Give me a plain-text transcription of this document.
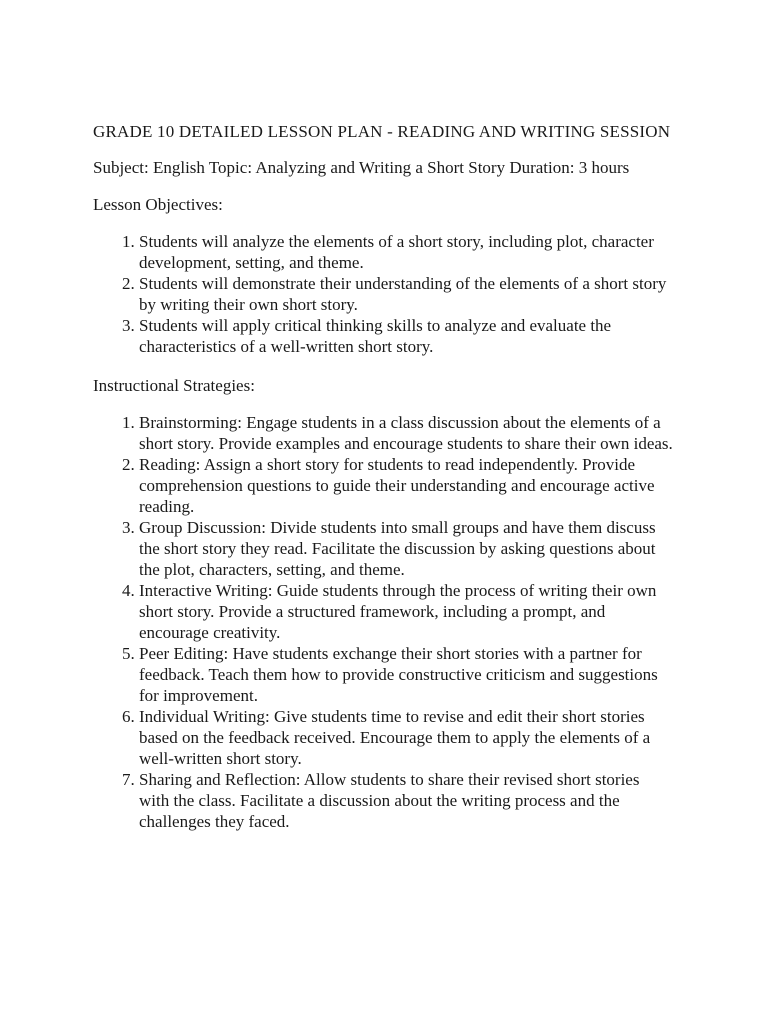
GRADE 10 DETAILED LESSON PLAN - READING AND WRITING SESSION

Subject: English Topic: Analyzing and Writing a Short Story Duration: 3 hours

Lesson Objectives:

1. Students will analyze the elements of a short story, including plot, character development, setting, and theme.
2. Students will demonstrate their understanding of the elements of a short story by writing their own short story.
3. Students will apply critical thinking skills to analyze and evaluate the characteristics of a well-written short story.

Instructional Strategies:

1. Brainstorming: Engage students in a class discussion about the elements of a short story. Provide examples and encourage students to share their own ideas.
2. Reading: Assign a short story for students to read independently. Provide comprehension questions to guide their understanding and encourage active reading.
3. Group Discussion: Divide students into small groups and have them discuss the short story they read. Facilitate the discussion by asking questions about the plot, characters, setting, and theme.
4. Interactive Writing: Guide students through the process of writing their own short story. Provide a structured framework, including a prompt, and encourage creativity.
5. Peer Editing: Have students exchange their short stories with a partner for feedback. Teach them how to provide constructive criticism and suggestions for improvement.
6. Individual Writing: Give students time to revise and edit their short stories based on the feedback received. Encourage them to apply the elements of a well-written short story.
7. Sharing and Reflection: Allow students to share their revised short stories with the class. Facilitate a discussion about the writing process and the challenges they faced.
